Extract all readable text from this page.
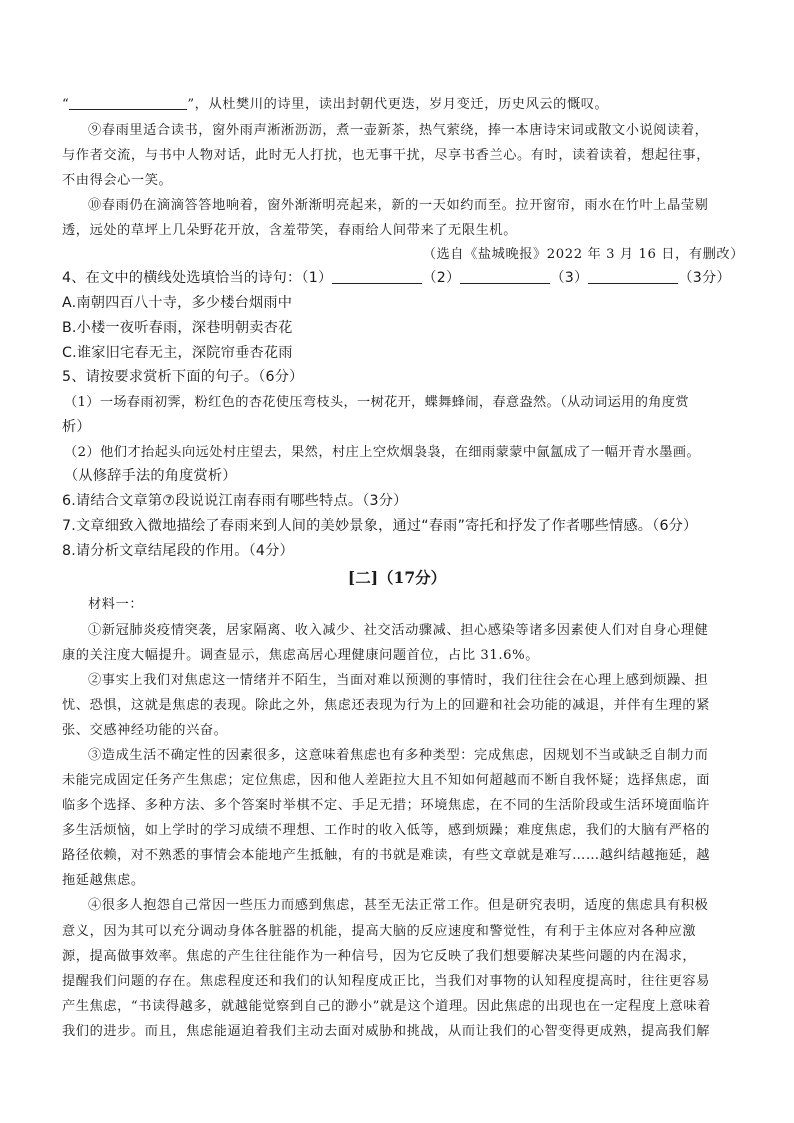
“	”，从杜樊川的诗里，读出封朝代更迭，岁月变迁，历史风云的慨叹。
⑨春雨里适合读书，窗外雨声淅淅沥沥，煮一壶新茶，热气萦绕，捧一本唐诗宋词或散文小说阅读着，
与作者交流，与书中人物对话，此时无人打扰，也无事干扰，尽享书香兰心。有时，读着读着，想起往事，
不由得会心一笑。
⑩春雨仍在滴滴答答地响着，窗外渐渐明亮起来，新的一天如约而至。拉开窗帘，雨水在竹叶上晶莹剔
透，远处的草坪上几朵野花开放，含羞带笑，春雨给人间带来了无限生机。
（选自《盐城晚报》2022 年 3 月 16 日，有删改）
4、在文中的横线处选填恰当的诗句：（1）	（2）	（3）	（3分）
A.南朝四百八十寺，多少楼台烟雨中
B.小楼一夜听春雨，深巷明朝卖杏花
C.谁家旧宅春无主，深院帘垂杏花雨
5、请按要求赏析下面的句子。（6分）
（1）一场春雨初霁，粉红色的杏花使压弯枝头，一树花开，蝶舞蜂闹，春意盎然。（从动词运用的角度赏
析）
（2）他们才抬起头向远处村庄望去，果然，村庄上空炊烟袅袅，在细雨蒙蒙中氤氲成了一幅开青水墨画。
（从修辞手法的角度赏析）
6.请结合文章第⑦段说说江南春雨有哪些特点。（3分）
7.文章细致入微地描绘了春雨来到人间的美妙景象，通过“春雨”寄托和抒发了作者哪些情感。（6分）
8.请分析文章结尾段的作用。（4分）
[二]（17分）
材料一：
①新冠肺炎疫情突袭，居家隔离、收入减少、社交活动骤减、担心感染等诸多因素使人们对自身心理健
康的关注度大幅提升。调查显示，焦虑高居心理健康问题首位，占比 31.6%。
②事实上我们对焦虑这一情绪并不陌生，当面对难以预测的事情时，我们往往会在心理上感到烦躁、担
忧、恐惧，这就是焦虑的表现。除此之外，焦虑还表现为行为上的回避和社会功能的减退，并伴有生理的紧
张、交感神经功能的兴奋。
③造成生活不确定性的因素很多，这意味着焦虑也有多种类型：完成焦虑，因规划不当或缺乏自制力而
未能完成固定任务产生焦虑；定位焦虑，因和他人差距拉大且不知如何超越而不断自我怀疑；选择焦虑，面
临多个选择、多种方法、多个答案时举棋不定、手足无措；环境焦虑，在不同的生活阶段或生活环境面临许
多生活烦恼，如上学时的学习成绩不理想、工作时的收入低等，感到烦躁；难度焦虑，我们的大脑有严格的
路径依赖，对不熟悉的事情会本能地产生抵触，有的书就是难读，有些文章就是难写……越纠结越拖延，越
拖延越焦虑。
④很多人抱怨自己常因一些压力而感到焦虑，甚至无法正常工作。但是研究表明，适度的焦虑具有积极
意义，因为其可以充分调动身体各脏器的机能，提高大脑的反应速度和警觉性，有利于主体应对各种应激
源，提高做事效率。焦虑的产生往往能作为一种信号，因为它反映了我们想要解决某些问题的内在渴求，
提醒我们问题的存在。焦虑程度还和我们的认知程度成正比，当我们对事物的认知程度提高时，往往更容易
产生焦虑，“书读得越多，就越能觉察到自己的渺小”就是这个道理。因此焦虑的出现也在一定程度上意味着
我们的进步。而且，焦虑能逼迫着我们主动去面对威胁和挑战，从而让我们的心智变得更成熟，提高我们解
